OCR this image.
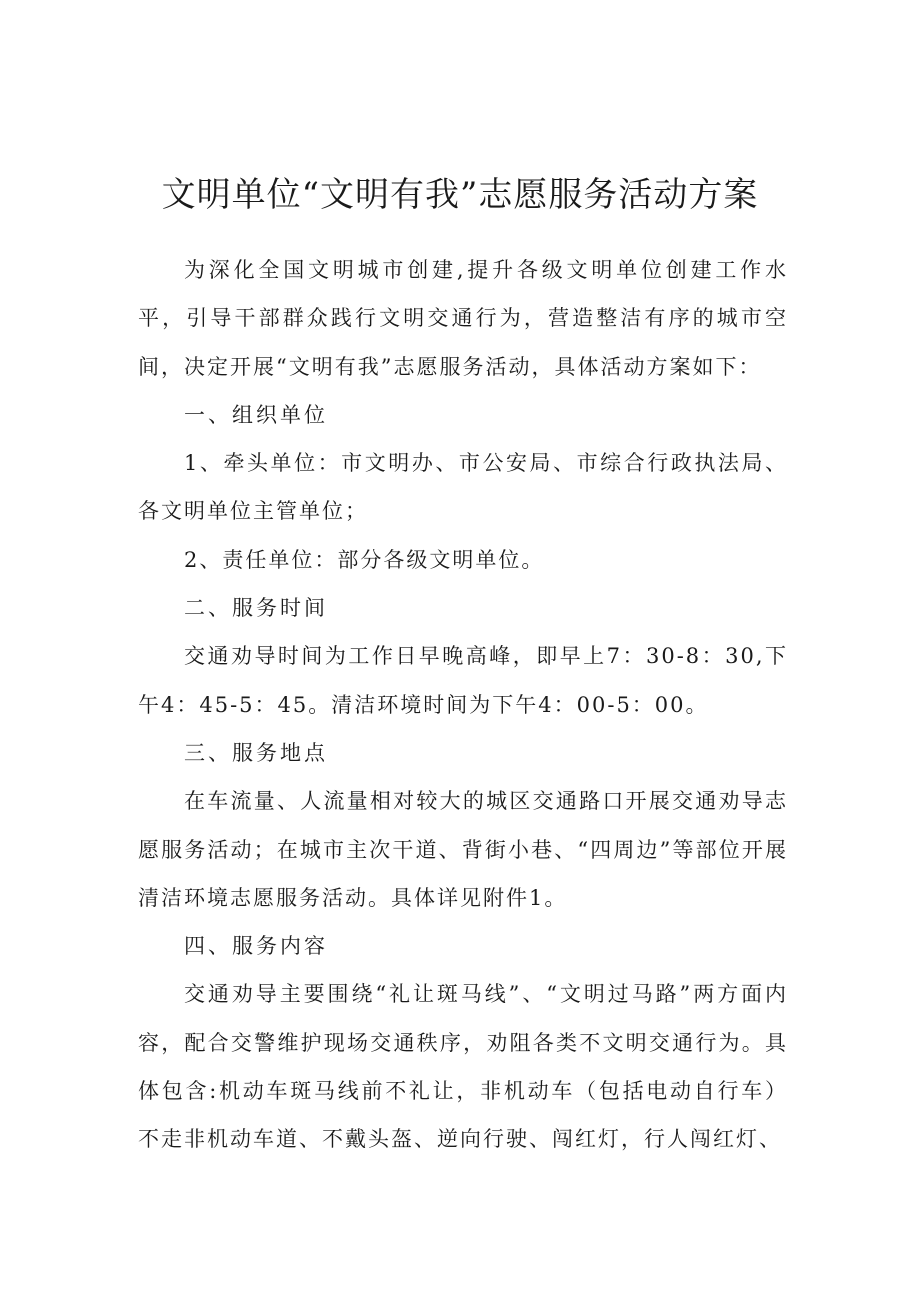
文明单位“文明有我”志愿服务活动方案

为深化全国文明城市创建,提升各级文明单位创建工作水平，引导干部群众践行文明交通行为，营造整洁有序的城市空间，决定开展“文明有我”志愿服务活动，具体活动方案如下：

一、组织单位

1、牵头单位：市文明办、市公安局、市综合行政执法局、各文明单位主管单位；

2、责任单位：部分各级文明单位。

二、服务时间

交通劝导时间为工作日早晚高峰，即早上7：30-8：30,下午4：45-5：45。清洁环境时间为下午4：00-5：00。

三、服务地点

在车流量、人流量相对较大的城区交通路口开展交通劝导志愿服务活动；在城市主次干道、背街小巷、“四周边”等部位开展清洁环境志愿服务活动。具体详见附件1。

四、服务内容

交通劝导主要围绕“礼让斑马线”、“文明过马路”两方面内容，配合交警维护现场交通秩序，劝阻各类不文明交通行为。具体包含:机动车斑马线前不礼让，非机动车（包括电动自行车）不走非机动车道、不戴头盔、逆向行驶、闯红灯，行人闯红灯、
